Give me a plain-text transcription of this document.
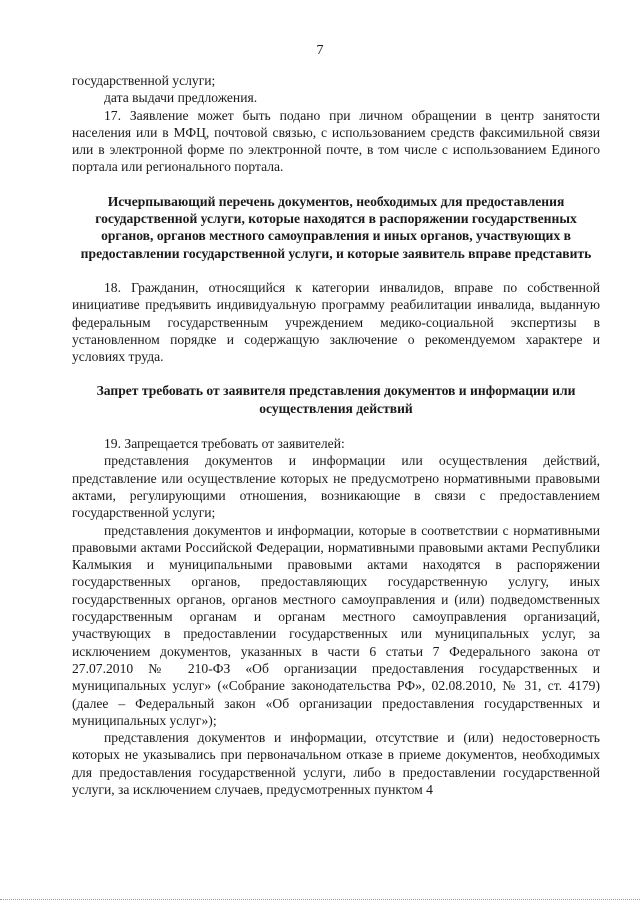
7

государственной услуги;

дата выдачи предложения.

17. Заявление может быть подано при личном обращении в центр занятости населения или в МФЦ, почтовой связью, с использованием средств факсимильной связи или в электронной форме по электронной почте, в том числе с использованием Единого портала или регионального портала.

Исчерпывающий перечень документов, необходимых для предоставления государственной услуги, которые находятся в распоряжении государственных органов, органов местного самоуправления и иных органов, участвующих в предоставлении государственной услуги, и которые заявитель вправе представить

18. Гражданин, относящийся к категории инвалидов, вправе по собственной инициативе предъявить индивидуальную программу реабилитации инвалида, выданную федеральным государственным учреждением медико-социальной экспертизы в установленном порядке и содержащую заключение о рекомендуемом характере и условиях труда.

Запрет требовать от заявителя представления документов и информации или осуществления действий

19. Запрещается требовать от заявителей:

представления документов и информации или осуществления действий, представление или осуществление которых не предусмотрено нормативными правовыми актами, регулирующими отношения, возникающие в связи с предоставлением государственной услуги;

представления документов и информации, которые в соответствии с нормативными правовыми актами Российской Федерации, нормативными правовыми актами Республики Калмыкия и муниципальными правовыми актами находятся в распоряжении государственных органов, предоставляющих государственную услугу, иных государственных органов, органов местного самоуправления и (или) подведомственных государственным органам и органам местного самоуправления организаций, участвующих в предоставлении государственных или муниципальных услуг, за исключением документов, указанных в части 6 статьи 7 Федерального закона от 27.07.2010 № 210-ФЗ «Об организации предоставления государственных и муниципальных услуг» («Собрание законодательства РФ», 02.08.2010, № 31, ст. 4179) (далее – Федеральный закон «Об организации предоставления государственных и муниципальных услуг»);

представления документов и информации, отсутствие и (или) недостоверность которых не указывались при первоначальном отказе в приеме документов, необходимых для предоставления государственной услуги, либо в предоставлении государственной услуги, за исключением случаев, предусмотренных пунктом 4
